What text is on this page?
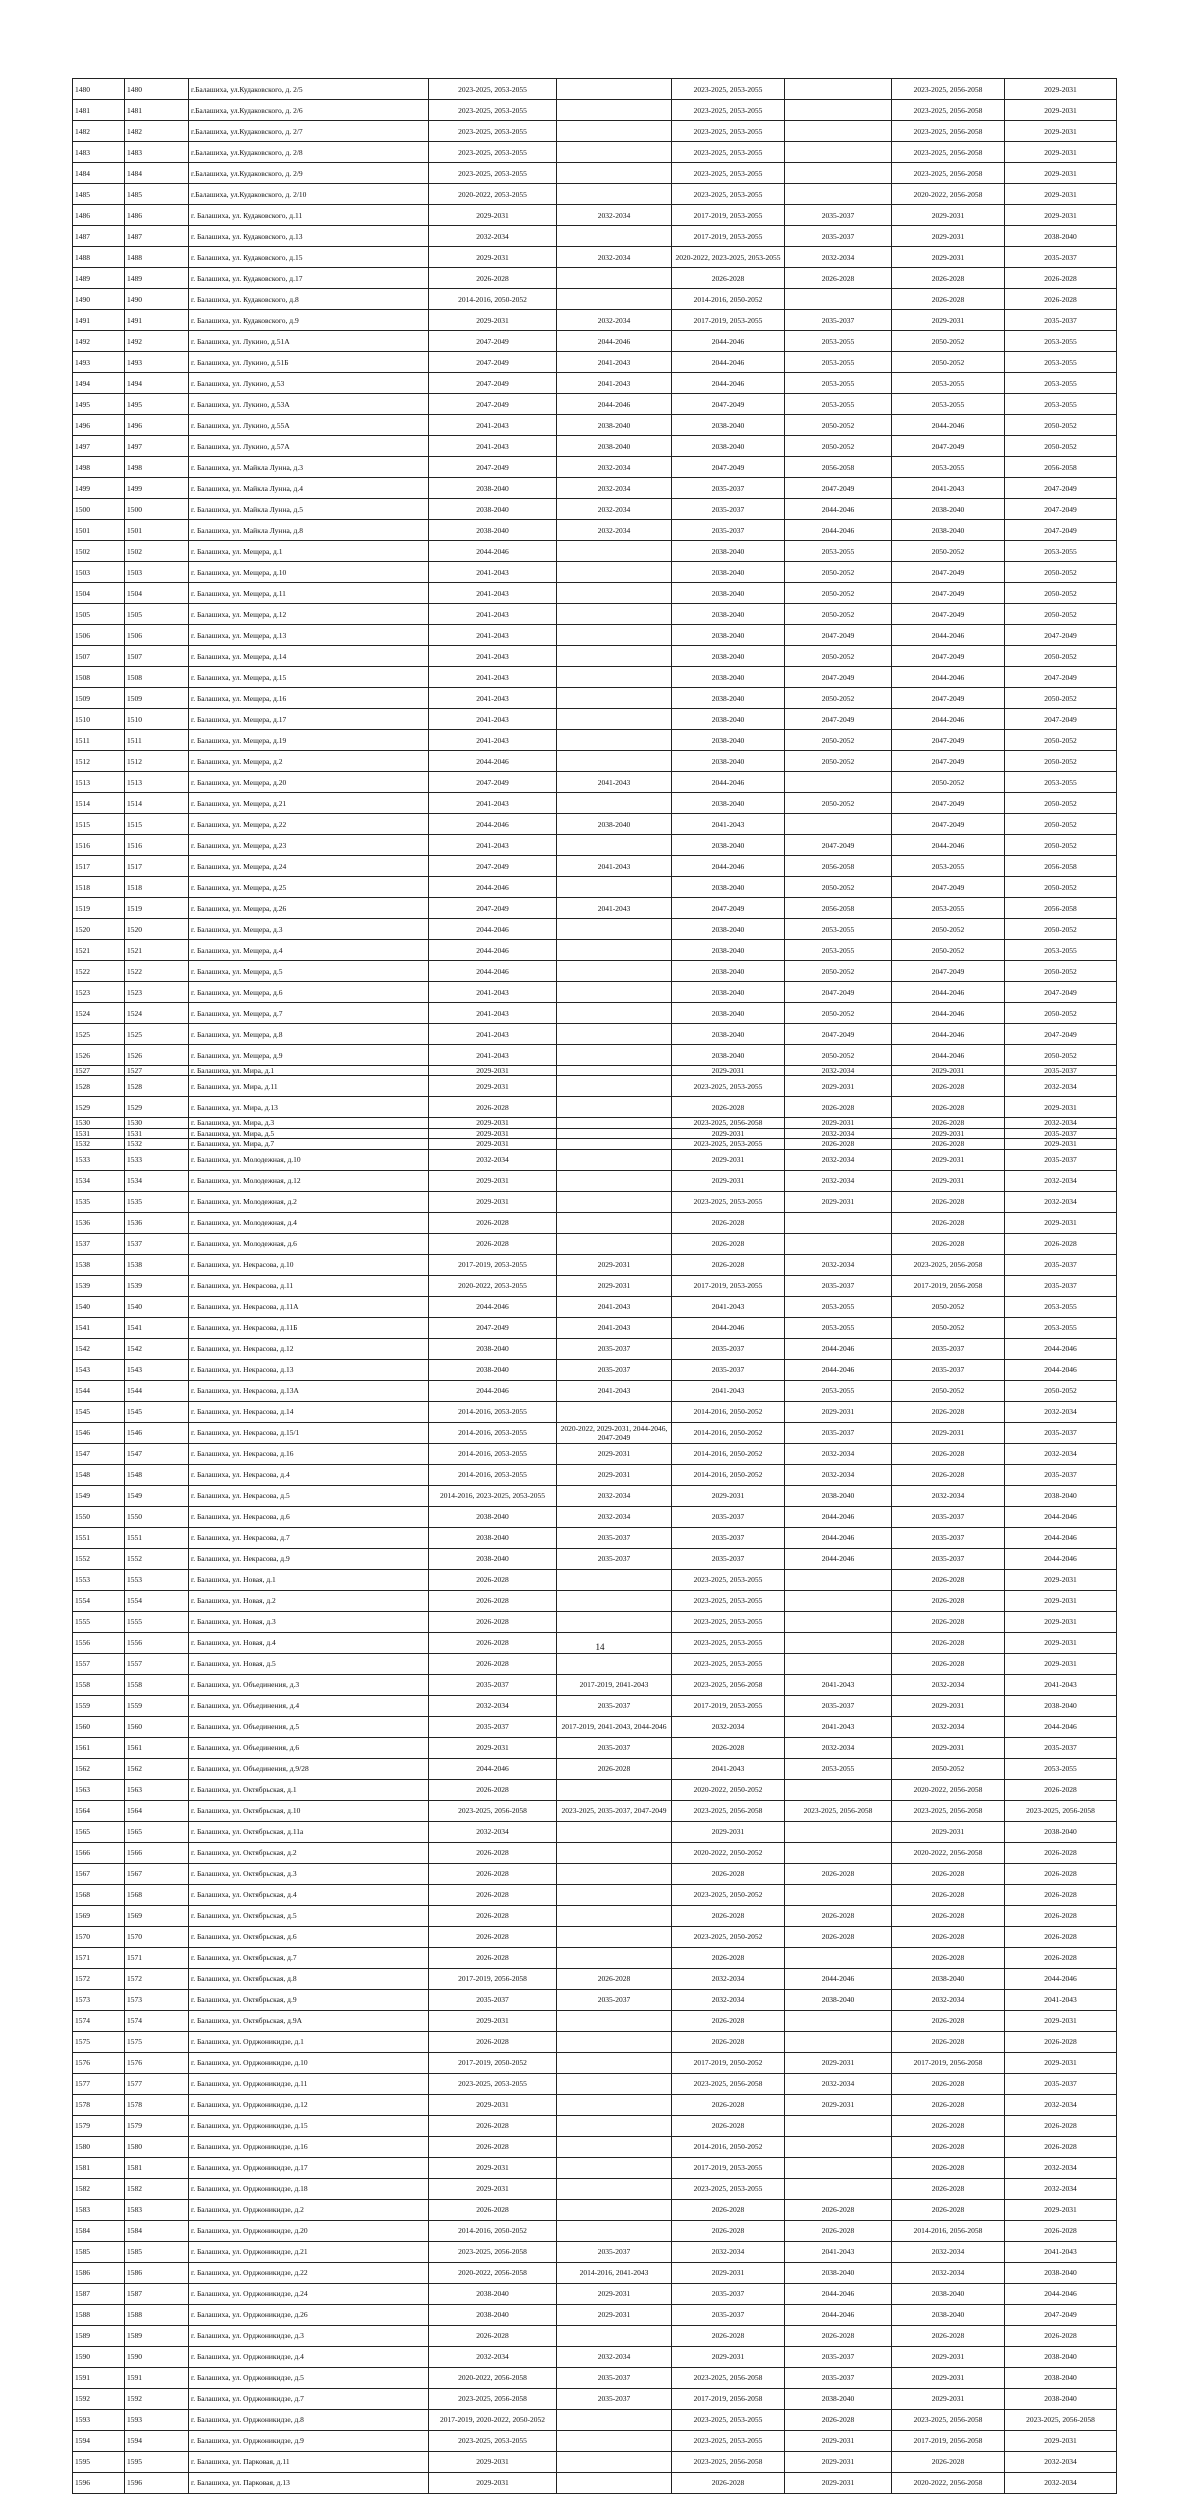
1480	1480	г.Балашиха, ул.Кудаковского, д. 2/5	2023-2025, 2053-2055		2023-2025, 2053-2055		2023-2025, 2056-2058	2029-2031
1481	1481	г.Балашиха, ул.Кудаковского, д. 2/6	2023-2025, 2053-2055		2023-2025, 2053-2055		2023-2025, 2056-2058	2029-2031
1482	1482	г.Балашиха, ул.Кудаковского, д. 2/7	2023-2025, 2053-2055		2023-2025, 2053-2055		2023-2025, 2056-2058	2029-2031
1483	1483	г.Балашиха, ул.Кудаковского, д. 2/8	2023-2025, 2053-2055		2023-2025, 2053-2055		2023-2025, 2056-2058	2029-2031
1484	1484	г.Балашиха, ул.Кудаковского, д. 2/9	2023-2025, 2053-2055		2023-2025, 2053-2055		2023-2025, 2056-2058	2029-2031
1485	1485	г.Балашиха, ул.Кудаковского, д. 2/10	2020-2022, 2053-2055		2023-2025, 2053-2055		2020-2022, 2056-2058	2029-2031
1486	1486	г. Балашиха, ул. Кудаковского, д.11	2029-2031	2032-2034	2017-2019, 2053-2055	2035-2037	2029-2031	2029-2031
1487	1487	г. Балашиха, ул. Кудаковского, д.13	2032-2034		2017-2019, 2053-2055	2035-2037	2029-2031	2038-2040
1488	1488	г. Балашиха, ул. Кудаковского, д.15	2029-2031	2032-2034	2020-2022, 2023-2025, 2053-2055	2032-2034	2029-2031	2035-2037
1489	1489	г. Балашиха, ул. Кудаковского, д.17	2026-2028		2026-2028	2026-2028	2026-2028	2026-2028
1490	1490	г. Балашиха, ул. Кудаковского, д.8	2014-2016, 2050-2052		2014-2016, 2050-2052		2026-2028	2026-2028
1491	1491	г. Балашиха, ул. Кудаковского, д.9	2029-2031	2032-2034	2017-2019, 2053-2055	2035-2037	2029-2031	2035-2037
1492	1492	г. Балашиха, ул. Лукино, д.51А	2047-2049	2044-2046	2044-2046	2053-2055	2050-2052	2053-2055
1493	1493	г. Балашиха, ул. Лукино, д.51Б	2047-2049	2041-2043	2044-2046	2053-2055	2050-2052	2053-2055
1494	1494	г. Балашиха, ул. Лукино, д.53	2047-2049	2041-2043	2044-2046	2053-2055	2053-2055	2053-2055
1495	1495	г. Балашиха, ул. Лукино, д.53А	2047-2049	2044-2046	2047-2049	2053-2055	2053-2055	2053-2055
1496	1496	г. Балашиха, ул. Лукино, д.55А	2041-2043	2038-2040	2038-2040	2050-2052	2044-2046	2050-2052
1497	1497	г. Балашиха, ул. Лукино, д.57А	2041-2043	2038-2040	2038-2040	2050-2052	2047-2049	2050-2052
1498	1498	г. Балашиха, ул. Майкла Лунна, д.3	2047-2049	2032-2034	2047-2049	2056-2058	2053-2055	2056-2058
1499	1499	г. Балашиха, ул. Майкла Лунна, д.4	2038-2040	2032-2034	2035-2037	2047-2049	2041-2043	2047-2049
1500	1500	г. Балашиха, ул. Майкла Лунна, д.5	2038-2040	2032-2034	2035-2037	2044-2046	2038-2040	2047-2049
1501	1501	г. Балашиха, ул. Майкла Лунна, д.8	2038-2040	2032-2034	2035-2037	2044-2046	2038-2040	2047-2049
1502	1502	г. Балашиха, ул. Мещера, д.1	2044-2046		2038-2040	2053-2055	2050-2052	2053-2055
1503	1503	г. Балашиха, ул. Мещера, д.10	2041-2043		2038-2040	2050-2052	2047-2049	2050-2052
1504	1504	г. Балашиха, ул. Мещера, д.11	2041-2043		2038-2040	2050-2052	2047-2049	2050-2052
1505	1505	г. Балашиха, ул. Мещера, д.12	2041-2043		2038-2040	2050-2052	2047-2049	2050-2052
1506	1506	г. Балашиха, ул. Мещера, д.13	2041-2043		2038-2040	2047-2049	2044-2046	2047-2049
1507	1507	г. Балашиха, ул. Мещера, д.14	2041-2043		2038-2040	2050-2052	2047-2049	2050-2052
1508	1508	г. Балашиха, ул. Мещера, д.15	2041-2043		2038-2040	2047-2049	2044-2046	2047-2049
1509	1509	г. Балашиха, ул. Мещера, д.16	2041-2043		2038-2040	2050-2052	2047-2049	2050-2052
1510	1510	г. Балашиха, ул. Мещера, д.17	2041-2043		2038-2040	2047-2049	2044-2046	2047-2049
1511	1511	г. Балашиха, ул. Мещера, д.19	2041-2043		2038-2040	2050-2052	2047-2049	2050-2052
1512	1512	г. Балашиха, ул. Мещера, д.2	2044-2046		2038-2040	2050-2052	2047-2049	2050-2052
1513	1513	г. Балашиха, ул. Мещера, д.20	2047-2049	2041-2043	2044-2046		2050-2052	2053-2055
1514	1514	г. Балашиха, ул. Мещера, д.21	2041-2043		2038-2040	2050-2052	2047-2049	2050-2052
1515	1515	г. Балашиха, ул. Мещера, д.22	2044-2046	2038-2040	2041-2043		2047-2049	2050-2052
1516	1516	г. Балашиха, ул. Мещера, д.23	2041-2043		2038-2040	2047-2049	2044-2046	2050-2052
1517	1517	г. Балашиха, ул. Мещера, д.24	2047-2049	2041-2043	2044-2046	2056-2058	2053-2055	2056-2058
1518	1518	г. Балашиха, ул. Мещера, д.25	2044-2046		2038-2040	2050-2052	2047-2049	2050-2052
1519	1519	г. Балашиха, ул. Мещера, д.26	2047-2049	2041-2043	2047-2049	2056-2058	2053-2055	2056-2058
1520	1520	г. Балашиха, ул. Мещера, д.3	2044-2046		2038-2040	2053-2055	2050-2052	2050-2052
1521	1521	г. Балашиха, ул. Мещера, д.4	2044-2046		2038-2040	2053-2055	2050-2052	2053-2055
1522	1522	г. Балашиха, ул. Мещера, д.5	2044-2046		2038-2040	2050-2052	2047-2049	2050-2052
1523	1523	г. Балашиха, ул. Мещера, д.6	2041-2043		2038-2040	2047-2049	2044-2046	2047-2049
1524	1524	г. Балашиха, ул. Мещера, д.7	2041-2043		2038-2040	2050-2052	2044-2046	2050-2052
1525	1525	г. Балашиха, ул. Мещера, д.8	2041-2043		2038-2040	2047-2049	2044-2046	2047-2049
1526	1526	г. Балашиха, ул. Мещера, д.9	2041-2043		2038-2040	2050-2052	2044-2046	2050-2052
1527	1527	г. Балашиха, ул. Мира, д.1	2029-2031		2029-2031	2032-2034	2029-2031	2035-2037
1528	1528	г. Балашиха, ул. Мира, д.11	2029-2031		2023-2025, 2053-2055	2029-2031	2026-2028	2032-2034
1529	1529	г. Балашиха, ул. Мира, д.13	2026-2028		2026-2028	2026-2028	2026-2028	2029-2031
1530	1530	г. Балашиха, ул. Мира, д.3	2029-2031		2023-2025, 2056-2058	2029-2031	2026-2028	2032-2034
1531	1531	г. Балашиха, ул. Мира, д.5	2029-2031		2029-2031	2032-2034	2029-2031	2035-2037
1532	1532	г. Балашиха, ул. Мира, д.7	2029-2031		2023-2025, 2053-2055	2026-2028	2026-2028	2029-2031
1533	1533	г. Балашиха, ул. Молодежная, д.10	2032-2034		2029-2031	2032-2034	2029-2031	2035-2037
1534	1534	г. Балашиха, ул. Молодежная, д.12	2029-2031		2029-2031	2032-2034	2029-2031	2032-2034
1535	1535	г. Балашиха, ул. Молодежная, д.2	2029-2031		2023-2025, 2053-2055	2029-2031	2026-2028	2032-2034
1536	1536	г. Балашиха, ул. Молодежная, д.4	2026-2028		2026-2028		2026-2028	2029-2031
1537	1537	г. Балашиха, ул. Молодежная, д.6	2026-2028		2026-2028		2026-2028	2026-2028
1538	1538	г. Балашиха, ул. Некрасова, д.10	2017-2019, 2053-2055	2029-2031	2026-2028	2032-2034	2023-2025, 2056-2058	2035-2037
1539	1539	г. Балашиха, ул. Некрасова, д.11	2020-2022, 2053-2055	2029-2031	2017-2019, 2053-2055	2035-2037	2017-2019, 2056-2058	2035-2037
1540	1540	г. Балашиха, ул. Некрасова, д.11А	2044-2046	2041-2043	2041-2043	2053-2055	2050-2052	2053-2055
1541	1541	г. Балашиха, ул. Некрасова, д.11Б	2047-2049	2041-2043	2044-2046	2053-2055	2050-2052	2053-2055
1542	1542	г. Балашиха, ул. Некрасова, д.12	2038-2040	2035-2037	2035-2037	2044-2046	2035-2037	2044-2046
1543	1543	г. Балашиха, ул. Некрасова, д.13	2038-2040	2035-2037	2035-2037	2044-2046	2035-2037	2044-2046
1544	1544	г. Балашиха, ул. Некрасова, д.13А	2044-2046	2041-2043	2041-2043	2053-2055	2050-2052	2050-2052
1545	1545	г. Балашиха, ул. Некрасова, д.14	2014-2016, 2053-2055		2014-2016, 2050-2052	2029-2031	2026-2028	2032-2034
1546	1546	г. Балашиха, ул. Некрасова, д.15/1	2014-2016, 2053-2055	2020-2022, 2029-2031, 2044-2046, 2047-2049	2014-2016, 2050-2052	2035-2037	2029-2031	2035-2037
1547	1547	г. Балашиха, ул. Некрасова, д.16	2014-2016, 2053-2055	2029-2031	2014-2016, 2050-2052	2032-2034	2026-2028	2032-2034
1548	1548	г. Балашиха, ул. Некрасова, д.4	2014-2016, 2053-2055	2029-2031	2014-2016, 2050-2052	2032-2034	2026-2028	2035-2037
1549	1549	г. Балашиха, ул. Некрасова, д.5	2014-2016, 2023-2025, 2053-2055	2032-2034	2029-2031	2038-2040	2032-2034	2038-2040
1550	1550	г. Балашиха, ул. Некрасова, д.6	2038-2040	2032-2034	2035-2037	2044-2046	2035-2037	2044-2046
1551	1551	г. Балашиха, ул. Некрасова, д.7	2038-2040	2035-2037	2035-2037	2044-2046	2035-2037	2044-2046
1552	1552	г. Балашиха, ул. Некрасова, д.9	2038-2040	2035-2037	2035-2037	2044-2046	2035-2037	2044-2046
1553	1553	г. Балашиха, ул. Новая, д.1	2026-2028		2023-2025, 2053-2055		2026-2028	2029-2031
1554	1554	г. Балашиха, ул. Новая, д.2	2026-2028		2023-2025, 2053-2055		2026-2028	2029-2031
1555	1555	г. Балашиха, ул. Новая, д.3	2026-2028		2023-2025, 2053-2055		2026-2028	2029-2031
1556	1556	г. Балашиха, ул. Новая, д.4	2026-2028		2023-2025, 2053-2055		2026-2028	2029-2031
1557	1557	г. Балашиха, ул. Новая, д.5	2026-2028		2023-2025, 2053-2055		2026-2028	2029-2031
1558	1558	г. Балашиха, ул. Объединения, д.3	2035-2037	2017-2019, 2041-2043	2023-2025, 2056-2058	2041-2043	2032-2034	2041-2043
1559	1559	г. Балашиха, ул. Объединения, д.4	2032-2034	2035-2037	2017-2019, 2053-2055	2035-2037	2029-2031	2038-2040
1560	1560	г. Балашиха, ул. Объединения, д.5	2035-2037	2017-2019, 2041-2043, 2044-2046	2032-2034	2041-2043	2032-2034	2044-2046
1561	1561	г. Балашиха, ул. Объединения, д.6	2029-2031	2035-2037	2026-2028	2032-2034	2029-2031	2035-2037
1562	1562	г. Балашиха, ул. Объединения, д.9/28	2044-2046	2026-2028	2041-2043	2053-2055	2050-2052	2053-2055
1563	1563	г. Балашиха, ул. Октябрьская, д.1	2026-2028		2020-2022, 2050-2052		2020-2022, 2056-2058	2026-2028
1564	1564	г. Балашиха, ул. Октябрьская, д.10	2023-2025, 2056-2058	2023-2025, 2035-2037, 2047-2049	2023-2025, 2056-2058	2023-2025, 2056-2058	2023-2025, 2056-2058	2023-2025, 2056-2058
1565	1565	г. Балашиха, ул. Октябрьская, д.11а	2032-2034		2029-2031		2029-2031	2038-2040
1566	1566	г. Балашиха, ул. Октябрьская, д.2	2026-2028		2020-2022, 2050-2052		2020-2022, 2056-2058	2026-2028
1567	1567	г. Балашиха, ул. Октябрьская, д.3	2026-2028		2026-2028	2026-2028	2026-2028	2026-2028
1568	1568	г. Балашиха, ул. Октябрьская, д.4	2026-2028		2023-2025, 2050-2052		2026-2028	2026-2028
1569	1569	г. Балашиха, ул. Октябрьская, д.5	2026-2028		2026-2028	2026-2028	2026-2028	2026-2028
1570	1570	г. Балашиха, ул. Октябрьская, д.6	2026-2028		2023-2025, 2050-2052	2026-2028	2026-2028	2026-2028
1571	1571	г. Балашиха, ул. Октябрьская, д.7	2026-2028		2026-2028		2026-2028	2026-2028
1572	1572	г. Балашиха, ул. Октябрьская, д.8	2017-2019, 2056-2058	2026-2028	2032-2034	2044-2046	2038-2040	2044-2046
1573	1573	г. Балашиха, ул. Октябрьская, д.9	2035-2037	2035-2037	2032-2034	2038-2040	2032-2034	2041-2043
1574	1574	г. Балашиха, ул. Октябрьская, д.9А	2029-2031		2026-2028		2026-2028	2029-2031
1575	1575	г. Балашиха, ул. Орджоникидзе, д.1	2026-2028		2026-2028		2026-2028	2026-2028
1576	1576	г. Балашиха, ул. Орджоникидзе, д.10	2017-2019, 2050-2052		2017-2019, 2050-2052	2029-2031	2017-2019, 2056-2058	2029-2031
1577	1577	г. Балашиха, ул. Орджоникидзе, д.11	2023-2025, 2053-2055		2023-2025, 2056-2058	2032-2034	2026-2028	2035-2037
1578	1578	г. Балашиха, ул. Орджоникидзе, д.12	2029-2031		2026-2028	2029-2031	2026-2028	2032-2034
1579	1579	г. Балашиха, ул. Орджоникидзе, д.15	2026-2028		2026-2028		2026-2028	2026-2028
1580	1580	г. Балашиха, ул. Орджоникидзе, д.16	2026-2028		2014-2016, 2050-2052		2026-2028	2026-2028
1581	1581	г. Балашиха, ул. Орджоникидзе, д.17	2029-2031		2017-2019, 2053-2055		2026-2028	2032-2034
1582	1582	г. Балашиха, ул. Орджоникидзе, д.18	2029-2031		2023-2025, 2053-2055		2026-2028	2032-2034
1583	1583	г. Балашиха, ул. Орджоникидзе, д.2	2026-2028		2026-2028	2026-2028	2026-2028	2029-2031
1584	1584	г. Балашиха, ул. Орджоникидзе, д.20	2014-2016, 2050-2052		2026-2028	2026-2028	2014-2016, 2056-2058	2026-2028
1585	1585	г. Балашиха, ул. Орджоникидзе, д.21	2023-2025, 2056-2058	2035-2037	2032-2034	2041-2043	2032-2034	2041-2043
1586	1586	г. Балашиха, ул. Орджоникидзе, д.22	2020-2022, 2056-2058	2014-2016, 2041-2043	2029-2031	2038-2040	2032-2034	2038-2040
1587	1587	г. Балашиха, ул. Орджоникидзе, д.24	2038-2040	2029-2031	2035-2037	2044-2046	2038-2040	2044-2046
1588	1588	г. Балашиха, ул. Орджоникидзе, д.26	2038-2040	2029-2031	2035-2037	2044-2046	2038-2040	2047-2049
1589	1589	г. Балашиха, ул. Орджоникидзе, д.3	2026-2028		2026-2028	2026-2028	2026-2028	2026-2028
1590	1590	г. Балашиха, ул. Орджоникидзе, д.4	2032-2034	2032-2034	2029-2031	2035-2037	2029-2031	2038-2040
1591	1591	г. Балашиха, ул. Орджоникидзе, д.5	2020-2022, 2056-2058	2035-2037	2023-2025, 2056-2058	2035-2037	2029-2031	2038-2040
1592	1592	г. Балашиха, ул. Орджоникидзе, д.7	2023-2025, 2056-2058	2035-2037	2017-2019, 2056-2058	2038-2040	2029-2031	2038-2040
1593	1593	г. Балашиха, ул. Орджоникидзе, д.8	2017-2019, 2020-2022, 2050-2052		2023-2025, 2053-2055	2026-2028	2023-2025, 2056-2058	2023-2025, 2056-2058
1594	1594	г. Балашиха, ул. Орджоникидзе, д.9	2023-2025, 2053-2055		2023-2025, 2053-2055	2029-2031	2017-2019, 2056-2058	2029-2031
1595	1595	г. Балашиха, ул. Парковая, д.11	2029-2031		2023-2025, 2056-2058	2029-2031	2026-2028	2032-2034
1596	1596	г. Балашиха, ул. Парковая, д.13	2029-2031		2026-2028	2029-2031	2020-2022, 2056-2058	2032-2034
14
